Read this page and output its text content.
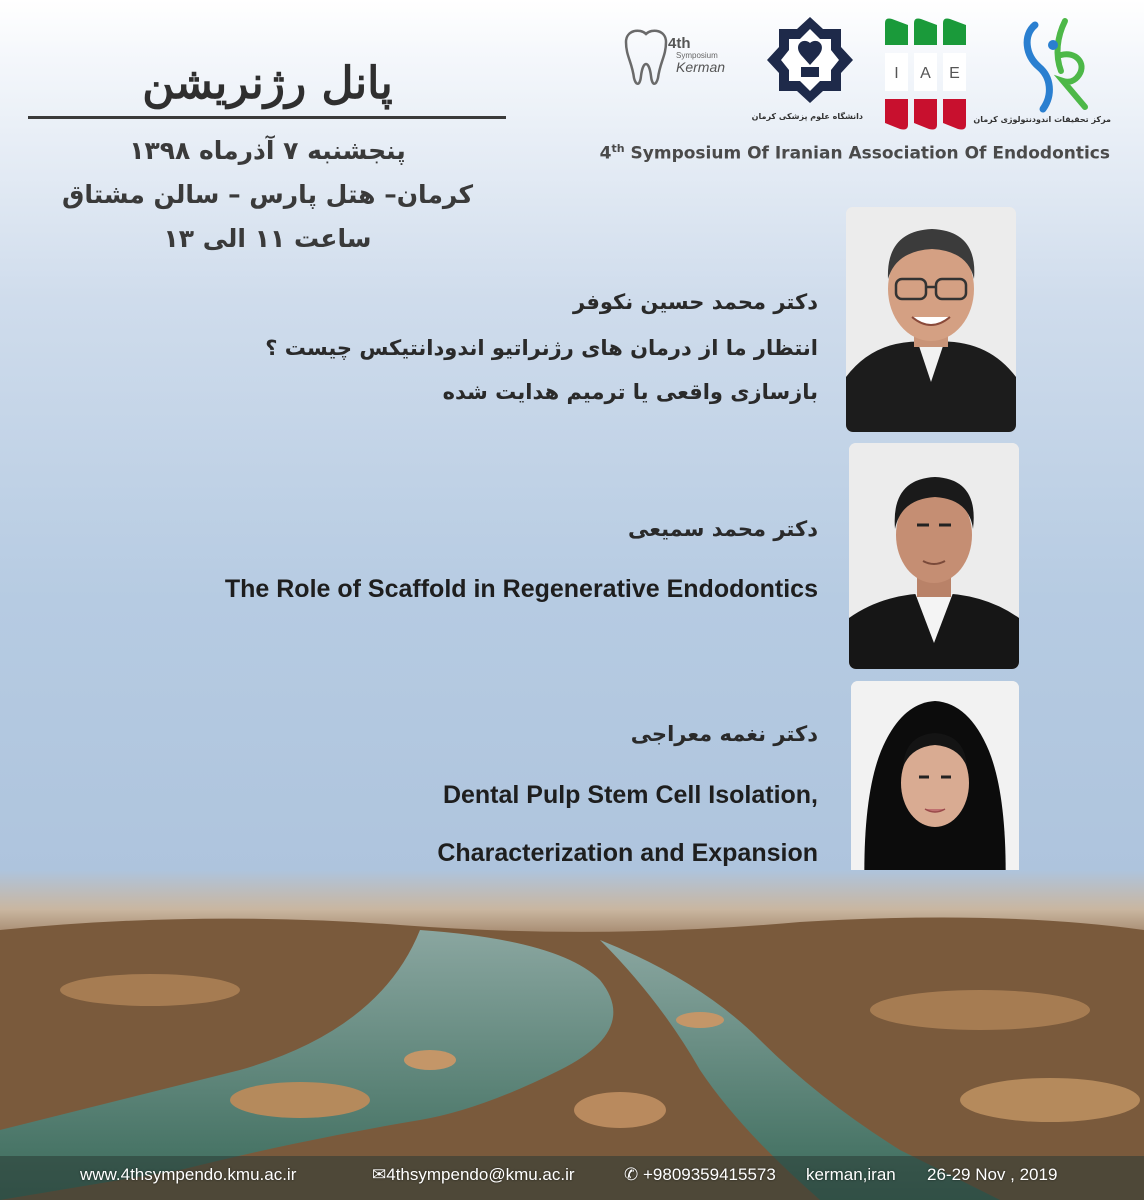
پانل رژنریشن
پنجشنبه ۷ آذرماه ۱۳۹۸
کرمان– هتل پارس – سالن مشتاق
ساعت ۱۱ الی ۱۳
4th
Symposium
Kerman
دانشگاه علوم پزشکی کرمان
I A E
مرکز تحقیقات اندودنتولوژی کرمان
4th Symposium Of Iranian Association Of Endodontics
دکتر محمد حسین نکوفر
انتظار ما از درمان های رژنراتیو اندودانتیکس چیست ؟
بازسازی واقعی یا ترمیم هدایت شده
دکتر محمد سمیعی
The Role of Scaffold in Regenerative Endodontics
دکتر نغمه معراجی
Dental Pulp Stem Cell Isolation,
Characterization and Expansion
www.4thsympendo.kmu.ac.ir	✉4thsympendo@kmu.ac.ir	✆ +9809359415573 kerman,iran 26-29 Nov , 2019
